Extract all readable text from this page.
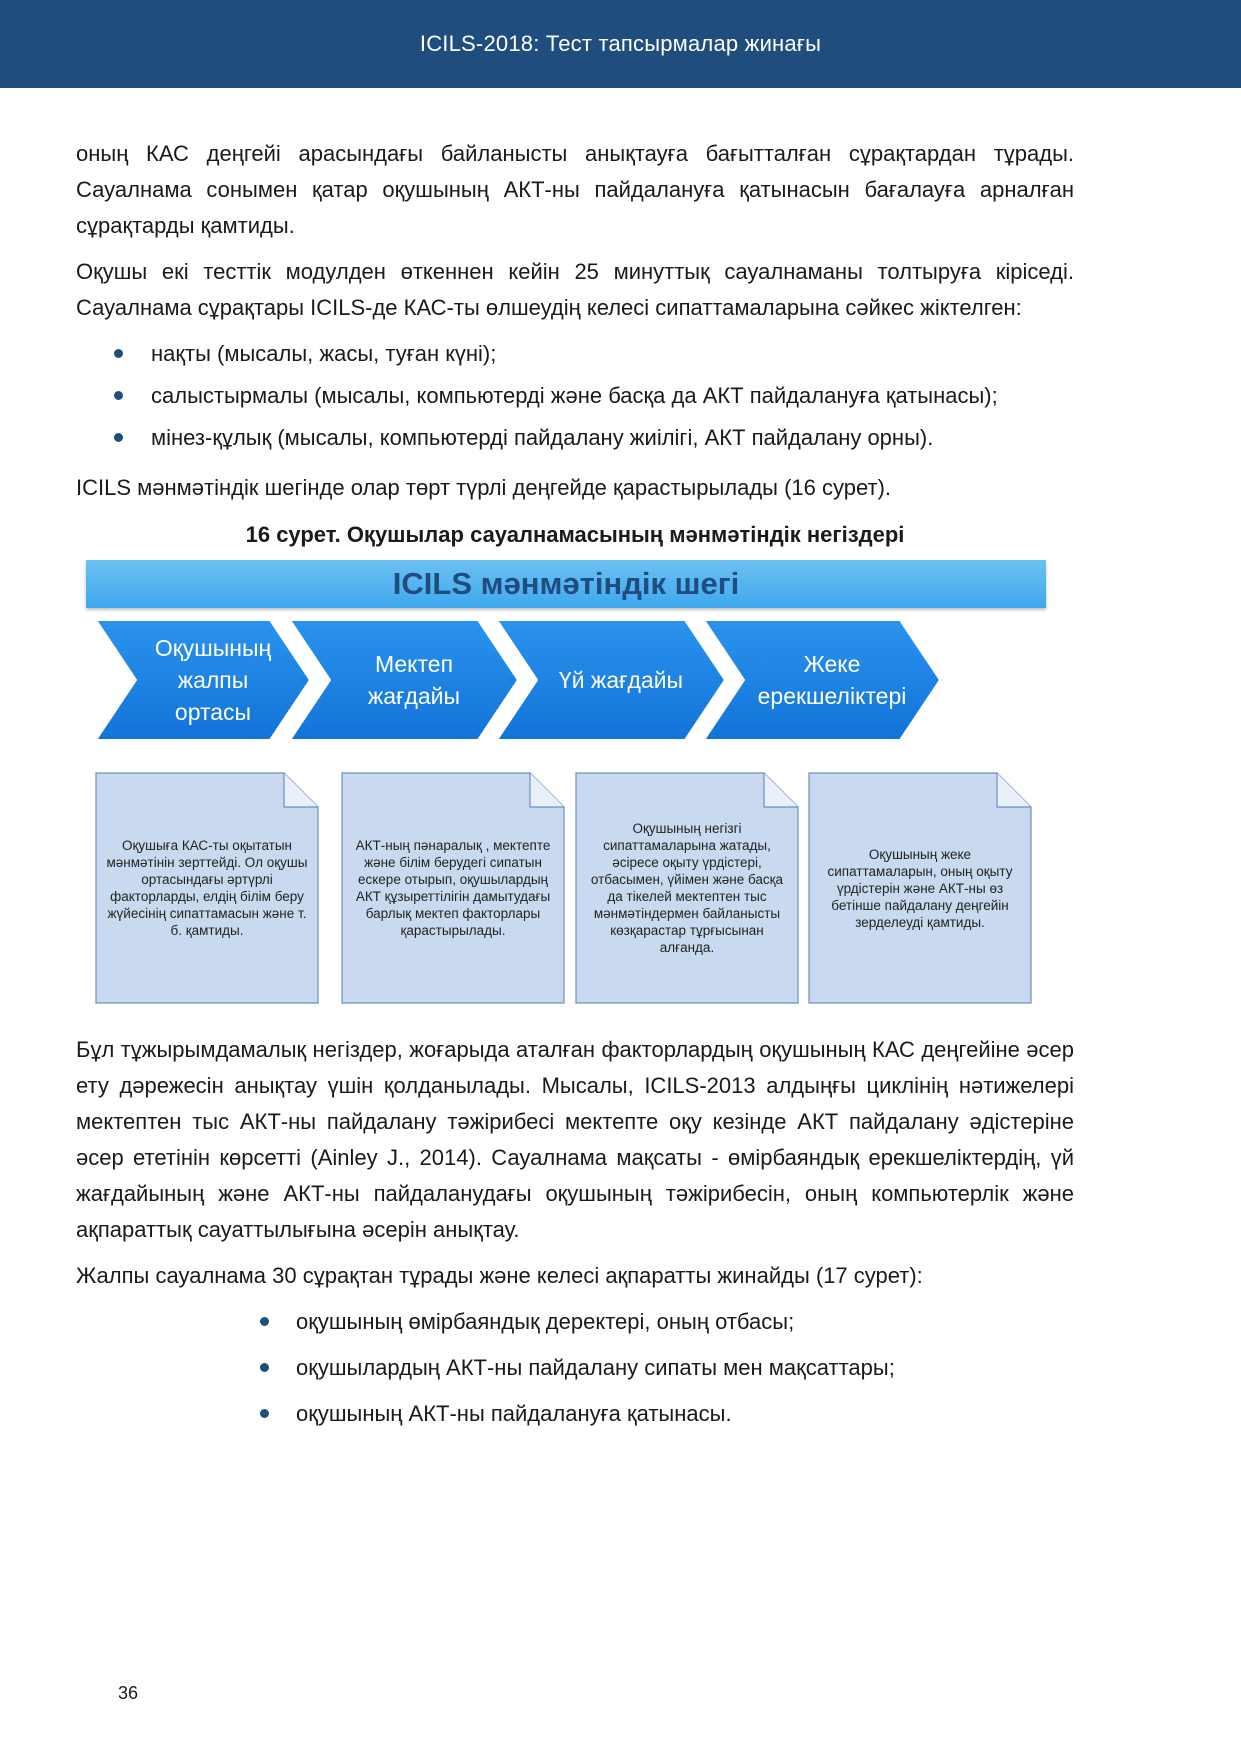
ICILS-2018: Тест тапсырмалар жинағы

оның КАС деңгейі арасындағы байланысты анықтауға бағытталған сұрақтардан тұрады. Сауалнама сонымен қатар оқушының АКТ-ны пайдалануға қатынасын бағалауға арналған сұрақтарды қамтиды.

Оқушы екі тесттік модулден өткеннен кейін 25 минуттық сауалнаманы толтыруға кіріседі. Сауалнама сұрақтары ICILS-де КАС-ты өлшеудің келесі сипаттамаларына сәйкес жіктелген:

нақты (мысалы, жасы, туған күні);
салыстырмалы (мысалы, компьютерді және басқа да АКТ пайдалануға қатынасы);
мінез-құлық (мысалы, компьютерді пайдалану жиілігі, АКТ пайдалану орны).

ICILS мәнмәтіндік шегінде олар төрт түрлі деңгейде қарастырылады (16 сурет).

16 сурет. Оқушылар сауалнамасының мәнмәтіндік негіздері
ICILS мәнмәтіндік шегі
Оқушының
жалпы
ортасы
Мектеп
жағдайы
Үй жағдайы
Жеке
ерекшеліктері
Оқушыға КАС-ты оқытатын мәнмәтінін зерттейді. Ол оқушы ортасындағы әртүрлі факторларды, елдің білім беру жүйесінің сипаттамасын және т. б. қамтиды.
АКТ-ның пәнаралық , мектепте және білім берудегі сипатын ескере отырып, оқушылардың АКТ құзыреттілігін дамытудағы барлық мектеп факторлары қарастырылады.
Оқушының негізгі сипаттамаларына жатады, әсіресе оқыту үрдістері, отбасымен, үйімен және басқа да тікелей мектептен тыс мәнмәтіндермен байланысты көзқарастар тұрғысынан алғанда.
Оқушының жеке сипаттамаларын, оның оқыту үрдістерін және АКТ-ны өз бетінше пайдалану деңгейін зерделеуді қамтиды.

Бұл тұжырымдамалық негіздер, жоғарыда аталған факторлардың оқушының КАС деңгейіне әсер ету дәрежесін анықтау үшін қолданылады. Мысалы, ICILS-2013 алдыңғы циклінің нәтижелері мектептен тыс АКТ-ны пайдалану тәжірибесі мектепте оқу кезінде АКТ пайдалану әдістеріне әсер ететінін көрсетті (Ainley J., 2014). Сауалнама мақсаты - өмірбаяндық ерекшеліктердің, үй жағдайының және АКТ-ны пайдаланудағы оқушының тәжірибесін, оның компьютерлік және ақпараттық сауаттылығына әсерін анықтау.

Жалпы сауалнама 30 сұрақтан тұрады және келесі ақпаратты жинайды (17 сурет):

оқушының өмірбаяндық деректері, оның отбасы;
оқушылардың АКТ-ны пайдалану сипаты мен мақсаттары;
оқушының АКТ-ны пайдалануға қатынасы.
36
